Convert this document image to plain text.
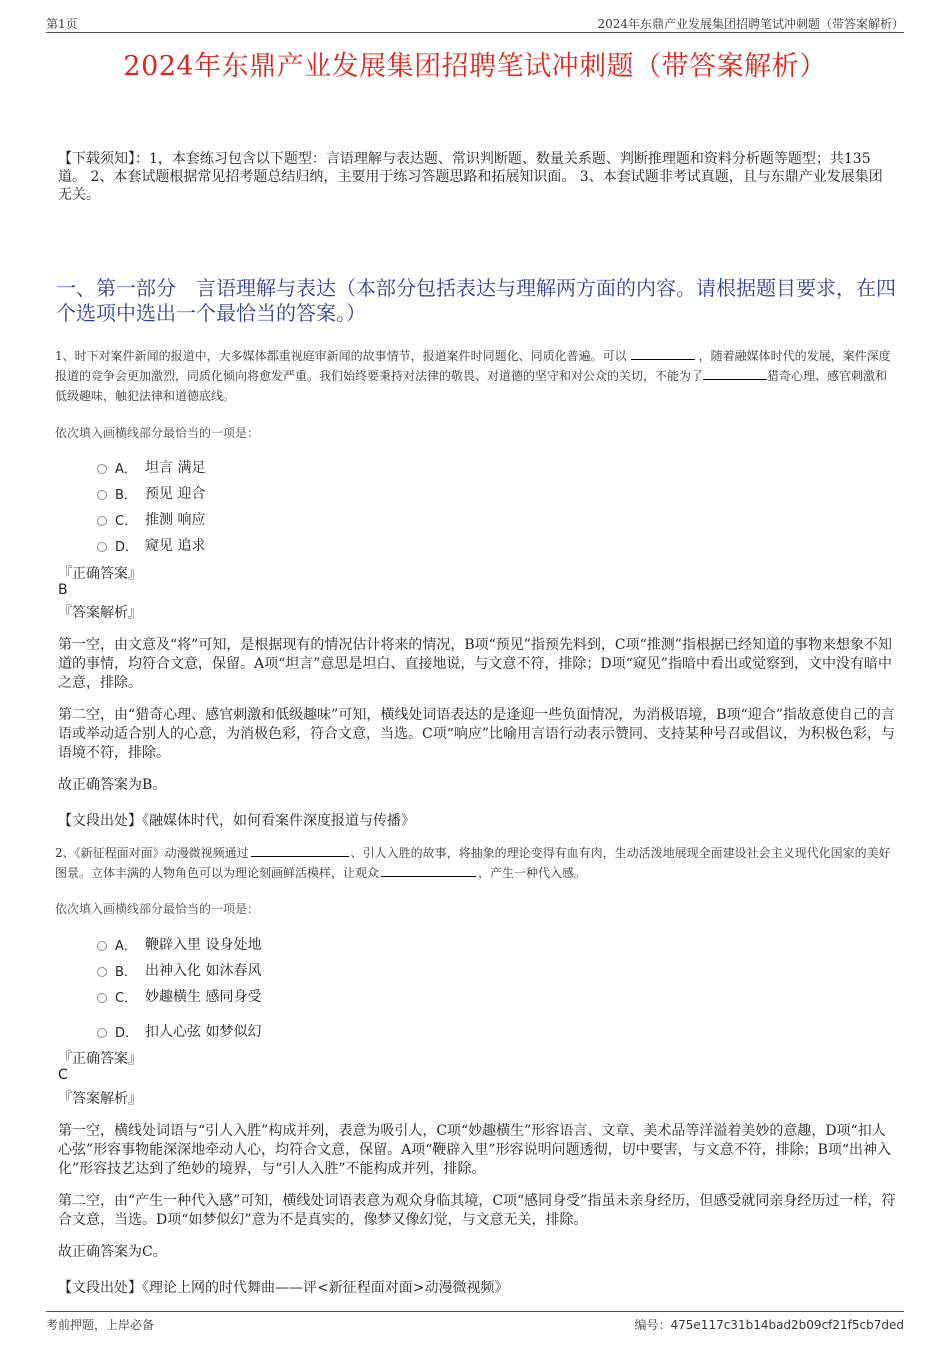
第1页	2024年东鼎产业发展集团招聘笔试冲刺题（带答案解析）
2024年东鼎产业发展集团招聘笔试冲刺题（带答案解析）
【下载须知】：1，本套练习包含以下题型：言语理解与表达题、常识判断题、数量关系题、判断推理题和资料分析题等题型；共135道。 2、本套试题根据常见招考题总结归纳，主要用于练习答题思路和拓展知识面。 3、本套试题非考试真题，且与东鼎产业发展集团无关。
一、第一部分　言语理解与表达（本部分包括表达与理解两方面的内容。请根据题目要求，在四个选项中选出一个最恰当的答案。）
1、时下对案件新闻的报道中，大多媒体都重视庭审新闻的故事情节，报道案件时同题化、同质化普遍。可以	，随着融媒体时代的发展，案件深度报道的竞争会更加激烈，同质化倾向将愈发严重。我们始终要秉持对法律的敬畏、对道德的坚守和对公众的关切，不能为了	猎奇心理、感官刺激和低级趣味，触犯法律和道德底线。
依次填入画横线部分最恰当的一项是：
A． 坦言 满足
B． 预见 迎合
C． 推测 响应
D． 窥见 追求
『正确答案』
B
『答案解析』
第一空，由文意及“将”可知，是根据现有的情况估计将来的情况，B项“预见”指预先料到，C项“推测”指根据已经知道的事物来想象不知道的事情，均符合文意，保留。A项“坦言”意思是坦白、直接地说，与文意不符，排除；D项“窥见”指暗中看出或觉察到，文中没有暗中之意，排除。
第二空，由“猎奇心理、感官刺激和低级趣味”可知，横线处词语表达的是逢迎一些负面情况，为消极语境，B项“迎合”指故意使自己的言语或举动适合别人的心意，为消极色彩，符合文意，当选。C项“响应”比喻用言语行动表示赞同、支持某种号召或倡议，为积极色彩，与语境不符，排除。
故正确答案为B。
【文段出处】《融媒体时代，如何看案件深度报道与传播》
2、《新征程面对面》动漫微视频通过	、引人入胜的故事，将抽象的理论变得有血有肉，生动活泼地展现全面建设社会主义现代化国家的美好图景。立体丰满的人物角色可以为理论刻画鲜活模样，让观众	，产生一种代入感。
依次填入画横线部分最恰当的一项是：
A． 鞭辟入里 设身处地
B． 出神入化 如沐春风
C． 妙趣横生 感同身受
D． 扣人心弦 如梦似幻
『正确答案』
C
『答案解析』
第一空，横线处词语与“引人入胜”构成并列，表意为吸引人，C项“妙趣横生”形容语言、文章、美术品等洋溢着美妙的意趣，D项“扣人心弦”形容事物能深深地牵动人心，均符合文意，保留。A项“鞭辟入里”形容说明问题透彻，切中要害，与文意不符，排除；B项“出神入化”形容技艺达到了绝妙的境界，与“引人入胜”不能构成并列，排除。
第二空，由“产生一种代入感”可知，横线处词语表意为观众身临其境，C项“感同身受”指虽未亲身经历，但感受就同亲身经历过一样，符合文意，当选。D项“如梦似幻”意为不是真实的，像梦又像幻觉，与文意无关，排除。
故正确答案为C。
【文段出处】《理论上网的时代舞曲——评<新征程面对面>动漫微视频》
考前押题，上岸必备	编号：475e117c31b14bad2b09cf21f5cb7ded
